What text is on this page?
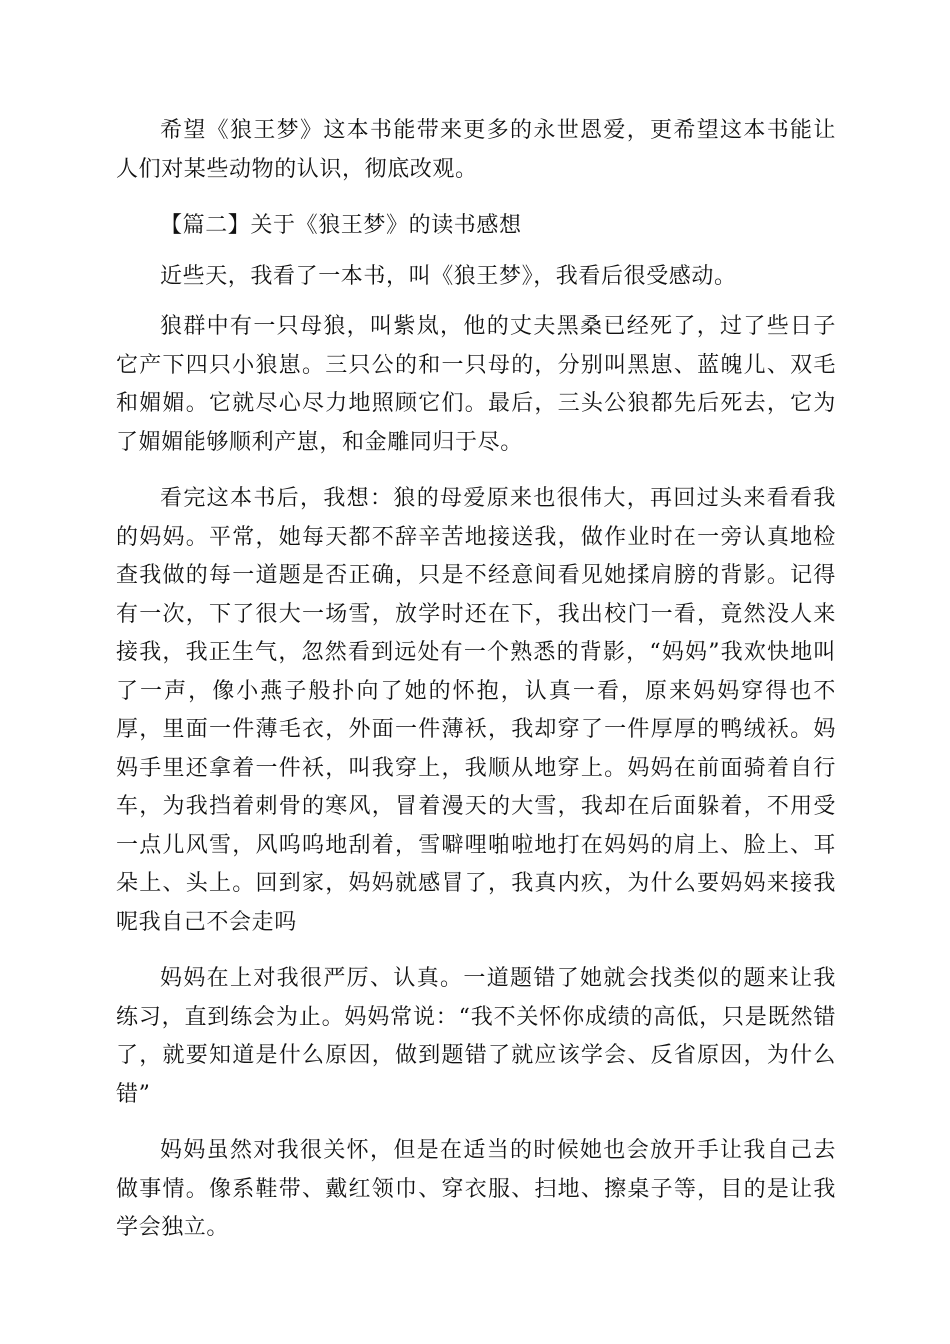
希望《狼王梦》这本书能带来更多的永世恩爱，更希望这本书能让人们对某些动物的认识，彻底改观。

【篇二】关于《狼王梦》的读书感想

近些天，我看了一本书，叫《狼王梦》，我看后很受感动。

狼群中有一只母狼，叫紫岚，他的丈夫黑桑已经死了，过了些日子它产下四只小狼崽。三只公的和一只母的，分别叫黑崽、蓝魄儿、双毛和媚媚。它就尽心尽力地照顾它们。最后，三头公狼都先后死去，它为了媚媚能够顺利产崽，和金雕同归于尽。

看完这本书后，我想：狼的母爱原来也很伟大，再回过头来看看我的妈妈。平常，她每天都不辞辛苦地接送我，做作业时在一旁认真地检查我做的每一道题是否正确，只是不经意间看见她揉肩膀的背影。记得有一次，下了很大一场雪，放学时还在下，我出校门一看，竟然没人来接我，我正生气，忽然看到远处有一个熟悉的背影，“妈妈”我欢快地叫了一声，像小燕子般扑向了她的怀抱，认真一看，原来妈妈穿得也不厚，里面一件薄毛衣，外面一件薄袄，我却穿了一件厚厚的鸭绒袄。妈妈手里还拿着一件袄，叫我穿上，我顺从地穿上。妈妈在前面骑着自行车，为我挡着刺骨的寒风，冒着漫天的大雪，我却在后面躲着，不用受一点儿风雪，风呜呜地刮着，雪噼哩啪啦地打在妈妈的肩上、脸上、耳朵上、头上。回到家，妈妈就感冒了，我真内疚，为什么要妈妈来接我呢我自己不会走吗

妈妈在上对我很严厉、认真。一道题错了她就会找类似的题来让我练习，直到练会为止。妈妈常说：“我不关怀你成绩的高低，只是既然错了，就要知道是什么原因，做到题错了就应该学会、反省原因，为什么错”

妈妈虽然对我很关怀，但是在适当的时候她也会放开手让我自己去做事情。像系鞋带、戴红领巾、穿衣服、扫地、擦桌子等，目的是让我学会独立。
